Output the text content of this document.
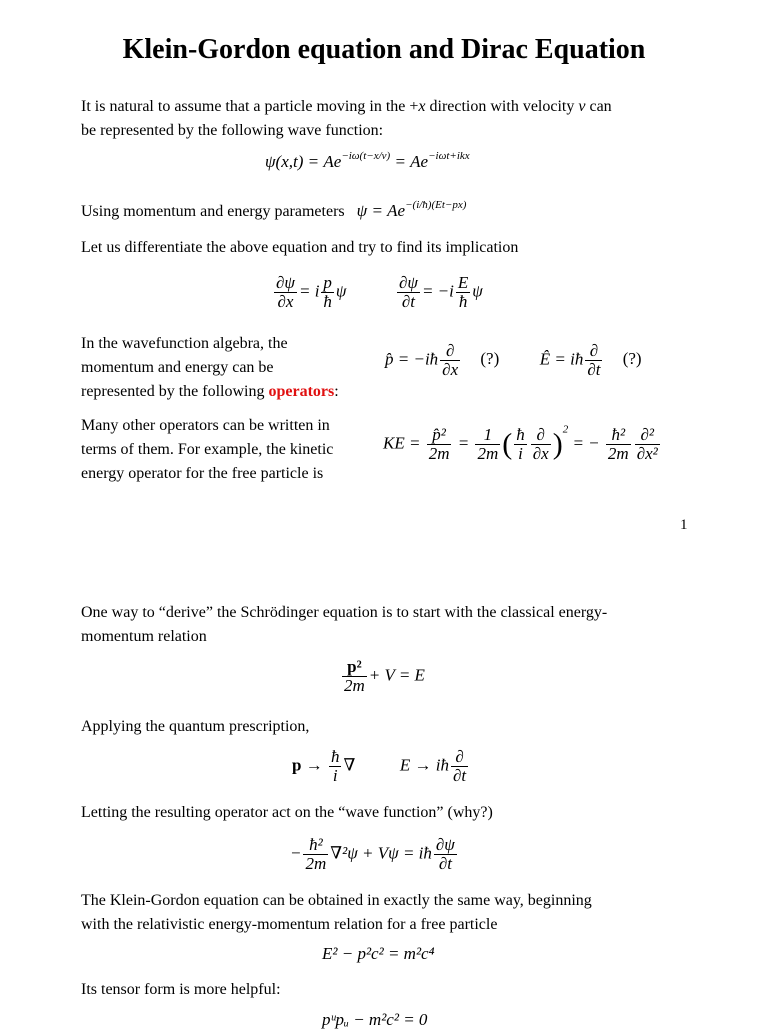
Klein-Gordon equation and Dirac Equation
It is natural to assume that a particle moving in the +x direction with velocity v can
be represented by the following wave function:
$\psi(x,t) = Ae^{-i\omega(t-x/v)} = Ae^{-i\omega t+ikx}$
Using momentum and energy parameters $\psi = Ae^{-(i/ħ)(Et-px)}$
Let us differentiate the above equation and try to find its implication
$\frac{\partial\psi}{\partial x} = i \frac{p}{ħ}$ ψ	$\frac{\partial\psi}{\partial t} = -i \frac{E}{ħ}$ ψ
In the wavefunction algebra, the
momentum and energy can be
represented by the following operators:
p̂ = −iħ $\frac{\partial}{\partial x}$ (?) Ê = iħ $\frac{\partial}{\partial t}$ (?)
Many other operators can be written in
terms of them. For example, the kinetic
energy operator for the free particle is
KE = $\frac{\text{p̂²}}{2m} = \frac{1}{2m}$ ( $\frac{ħ}{i} \frac{\partial}{\partial x} )^2$ = − $\frac{\text{ħ²}}{2m} \frac{\text{∂²}}{\text{∂x²}}$
1
One way to “derive” the Schrödinger equation is to start with the classical energy-
momentum relation
$\frac{\text{p²}}{2m} + V = E$
Applying the quantum prescription,
$p \to \frac{ħ}{i}$ ∇	E → iħ $\frac{\partial}{\partial t}$
Letting the resulting operator act on the “wave function” (why?)
− $\frac{\text{ħ²}}{2m} \nabla^2\psi + V\psi$ = iħ $\frac{\partial\psi}{\partial t}$
The Klein-Gordon equation can be obtained in exactly the same way, beginning
with the relativistic energy-momentum relation for a free particle
E² − p²c² = m²c⁴
Its tensor form is more helpful:
pᵘpᵤ − m²c² = 0
